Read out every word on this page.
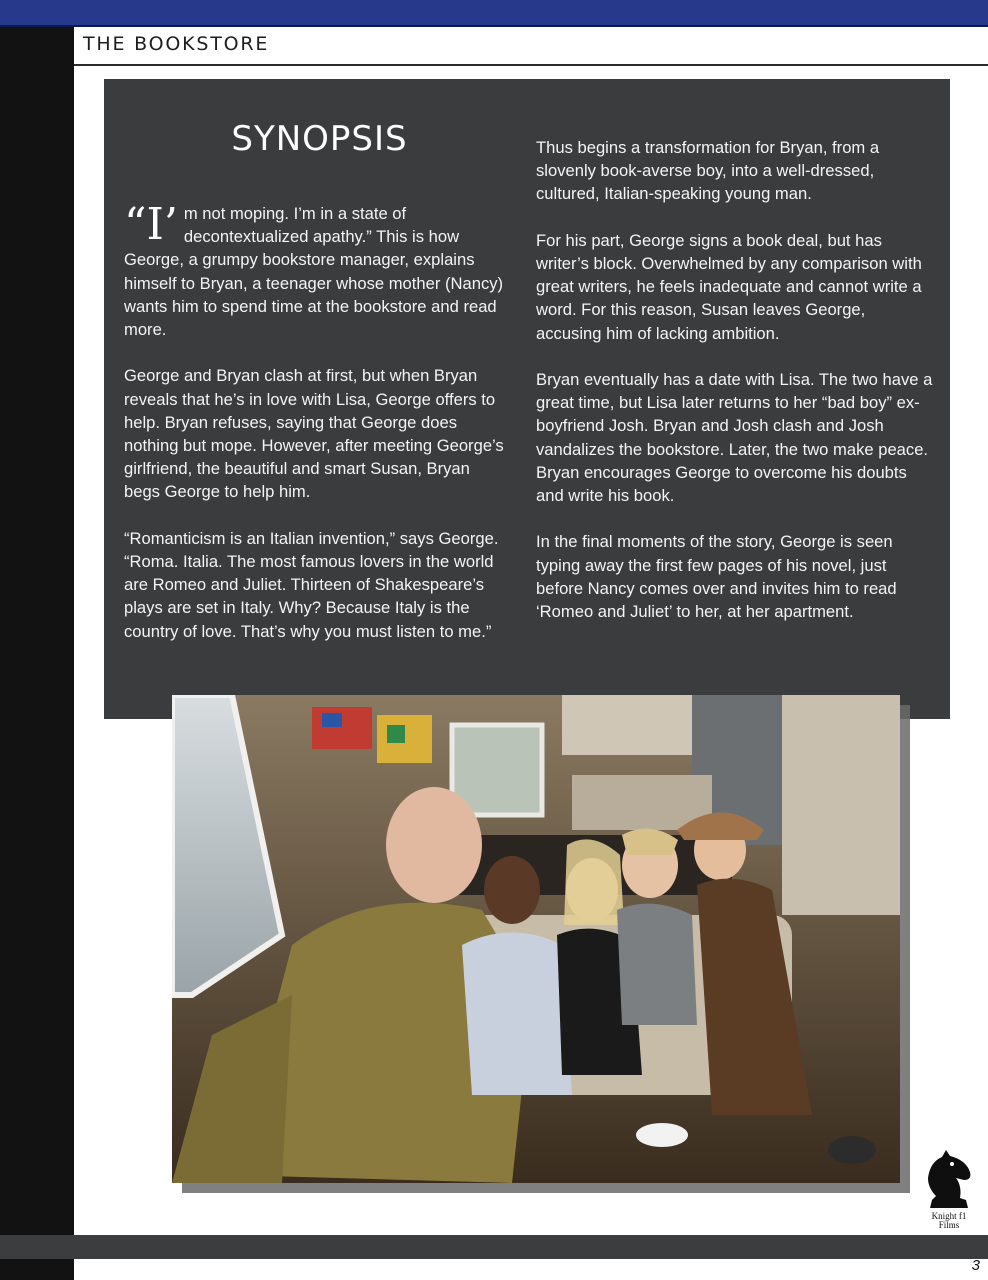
THE BOOKSTORE
SYNOPSIS

“I’ m not moping. I’m in a state of decontextualized apathy.” This is how George, a grumpy bookstore manager, explains himself to Bryan, a teenager whose mother (Nancy) wants him to spend time at the bookstore and read more.

George and Bryan clash at first, but when Bryan reveals that he’s in love with Lisa, George offers to help. Bryan refuses, saying that George does nothing but mope. However, after meeting George’s girlfriend, the beautiful and smart Susan, Bryan begs George to help him.

“Romanticism is an Italian invention,” says George. “Roma. Italia. The most famous lovers in the world are Romeo and Juliet. Thirteen of Shakespeare’s plays are set in Italy. Why? Because Italy is the country of love. That’s why you must listen to me.”

Thus begins a transformation for Bryan, from a slovenly book-averse boy, into a well-dressed, cultured, Italian-speaking young man.

For his part, George signs a book deal, but has writer’s block. Overwhelmed by any comparison with great writers, he feels inadequate and cannot write a word. For this reason, Susan leaves George, accusing him of lacking ambition.

Bryan eventually has a date with Lisa. The two have a great time, but Lisa later returns to her “bad boy” ex-boyfriend Josh. Bryan and Josh clash and Josh vandalizes the bookstore. Later, the two make peace. Bryan encourages George to overcome his doubts and write his book.

In the final moments of the story, George is seen typing away the first few pages of his novel, just before Nancy comes over and invites him to read ‘Romeo and Juliet’ to her, at her apartment.

Knight f1
Films
3
